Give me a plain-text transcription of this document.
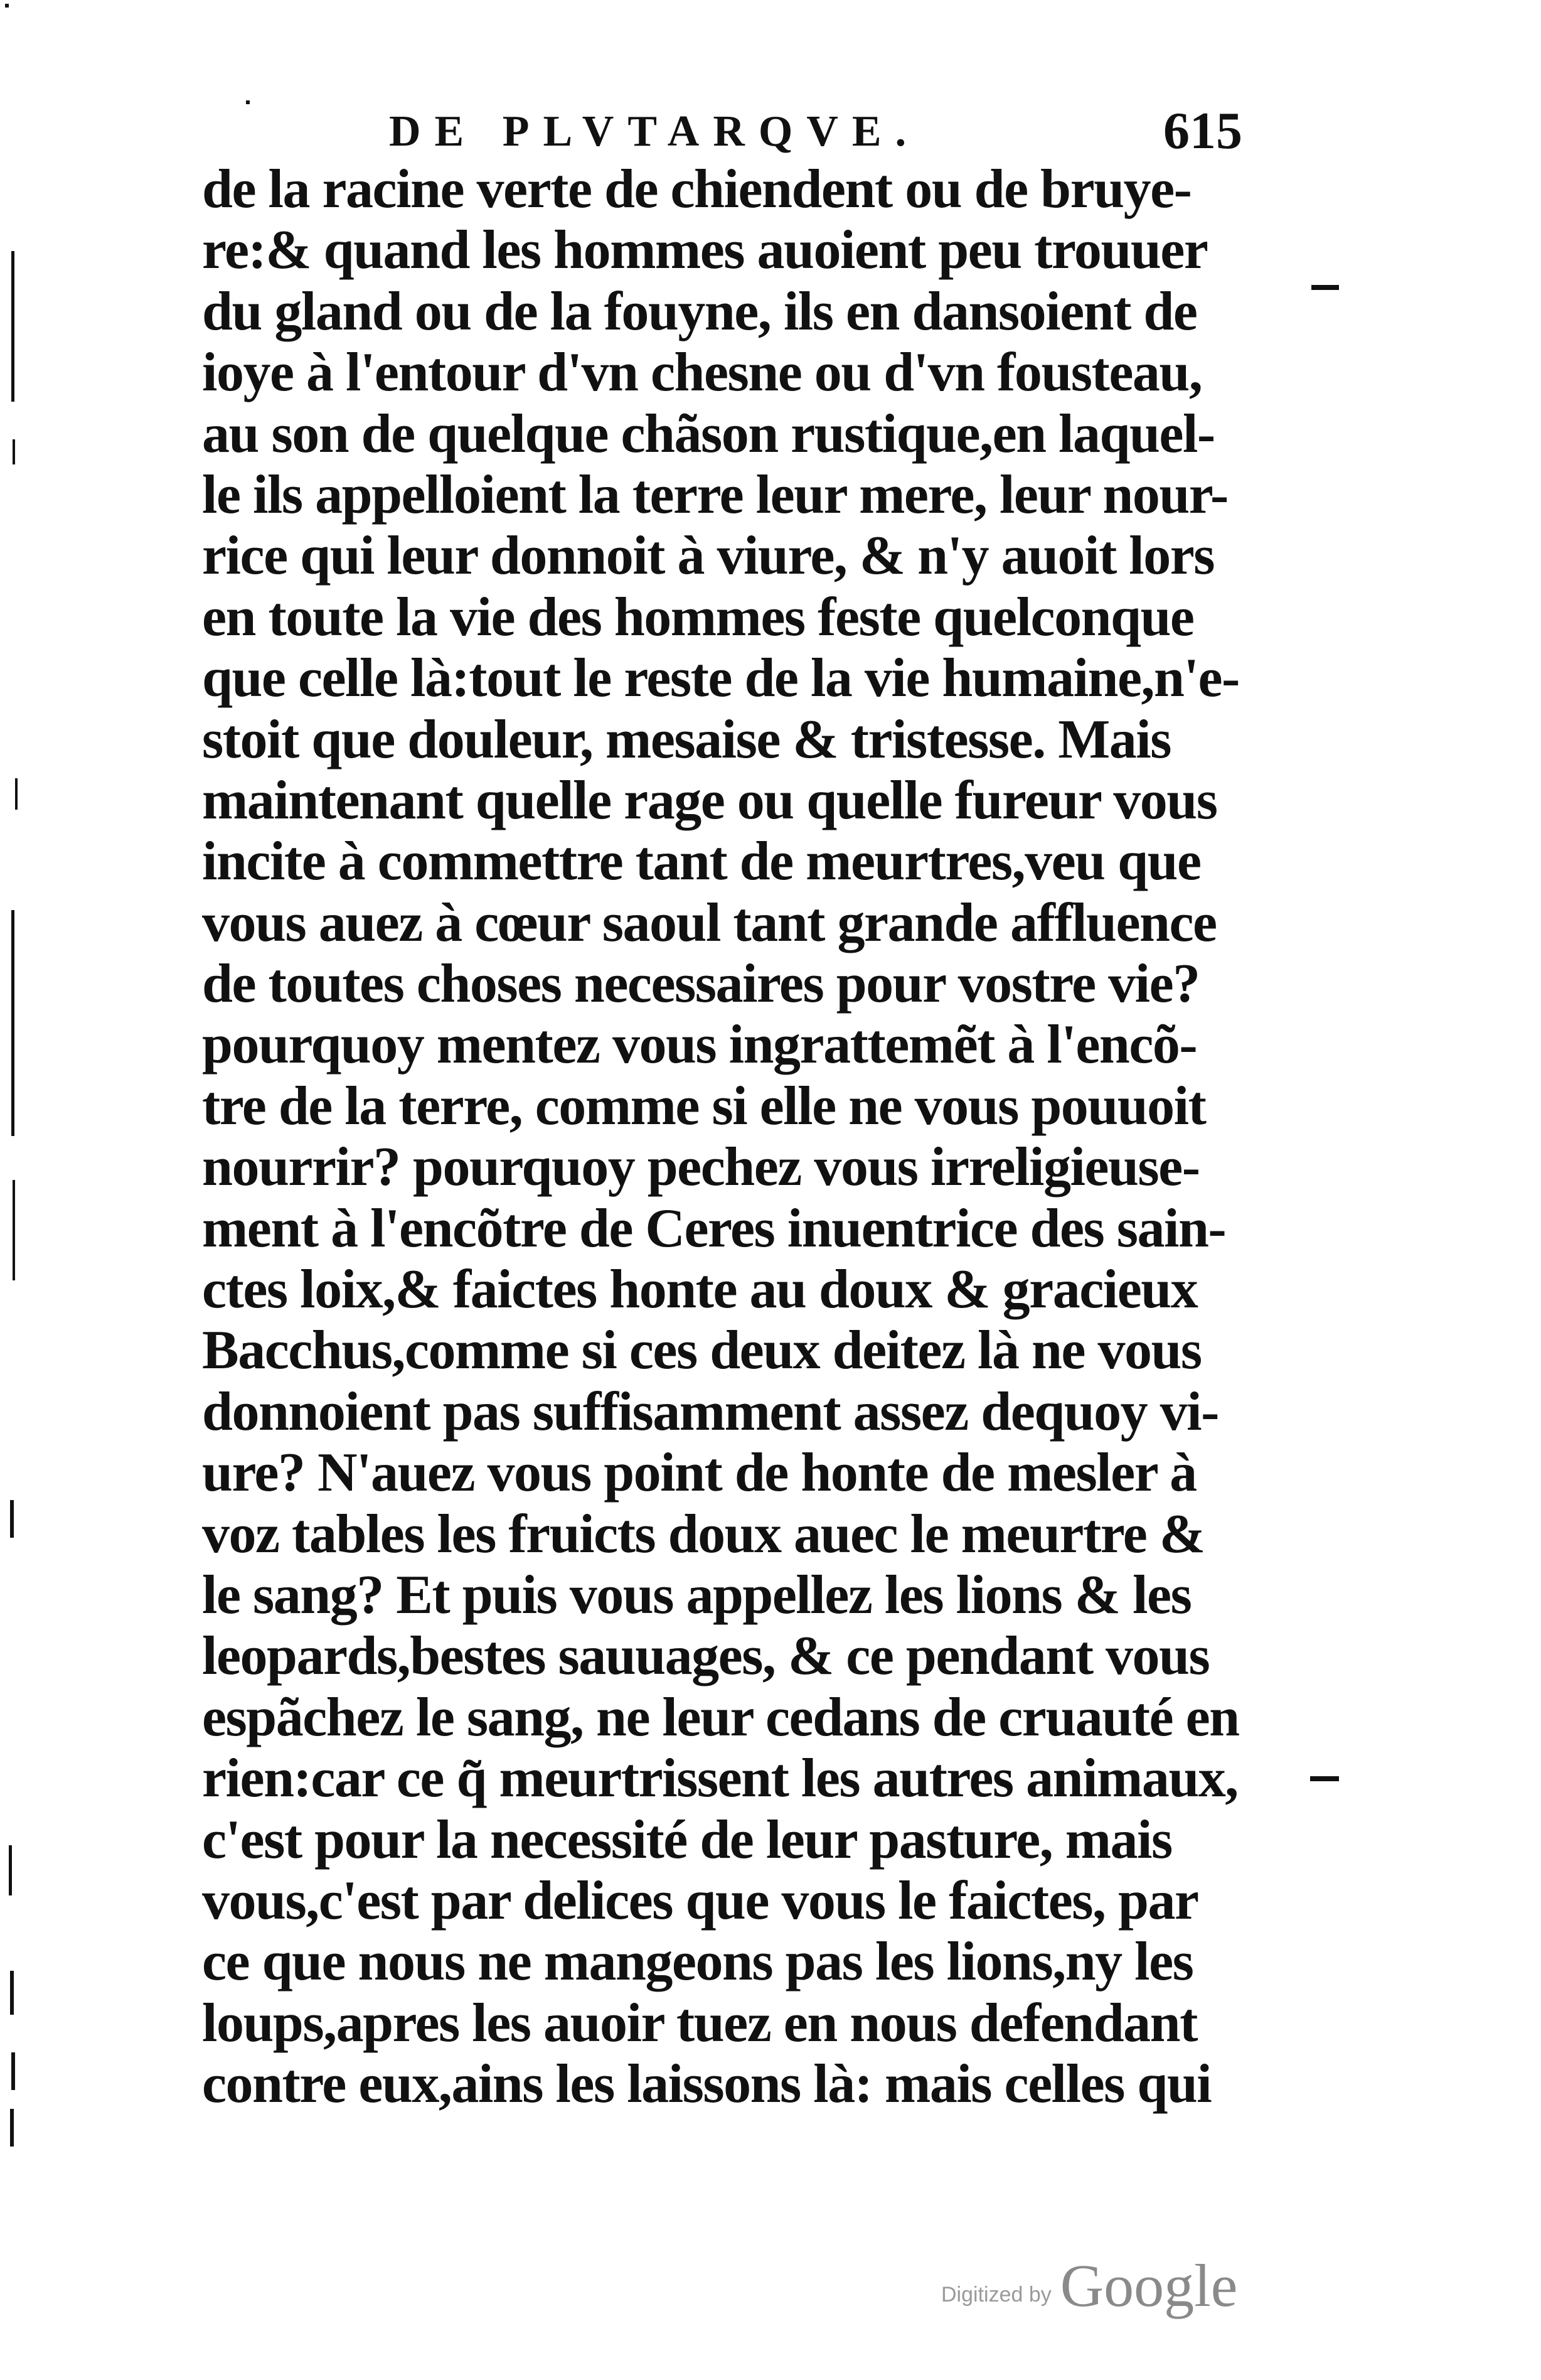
DE PLVTARQVE.	615
de la racine verte de chiendent ou de bruye-
re:& quand les hommes auoient peu trouuer
du gland ou de la fouyne, ils en dansoient de
ioye à l'entour d'vn chesne ou d'vn fousteau,
au son de quelque chãson rustique,en laquel-
le ils appelloient la terre leur mere, leur nour-
rice qui leur donnoit à viure, & n'y auoit lors
en toute la vie des hommes feste quelconque
que celle là:tout le reste de la vie humaine,n'e-
stoit que douleur, mesaise & tristesse. Mais
maintenant quelle rage ou quelle fureur vous
incite à commettre tant de meurtres,veu que
vous auez à cœur saoul tant grande affluence
de toutes choses necessaires pour vostre vie?
pourquoy mentez vous ingrattemẽt à l'encõ-
tre de la terre, comme si elle ne vous pouuoit
nourrir? pourquoy pechez vous irreligieuse-
ment à l'encõtre de Ceres inuentrice des sain-
ctes loix,& faictes honte au doux & gracieux
Bacchus,comme si ces deux deitez là ne vous
donnoient pas suffisamment assez dequoy vi-
ure? N'auez vous point de honte de mesler à
voz tables les fruicts doux auec le meurtre &
le sang? Et puis vous appellez les lions & les
leopards,bestes sauuages, & ce pendant vous
espãchez le sang, ne leur cedans de cruauté en
rien:car ce q̃ meurtrissent les autres animaux,
c'est pour la necessité de leur pasture, mais
vous,c'est par delices que vous le faictes, par
ce que nous ne mangeons pas les lions,ny les
loups,apres les auoir tuez en nous defendant
contre eux,ains les laissons là: mais celles qui
Digitized by Google
